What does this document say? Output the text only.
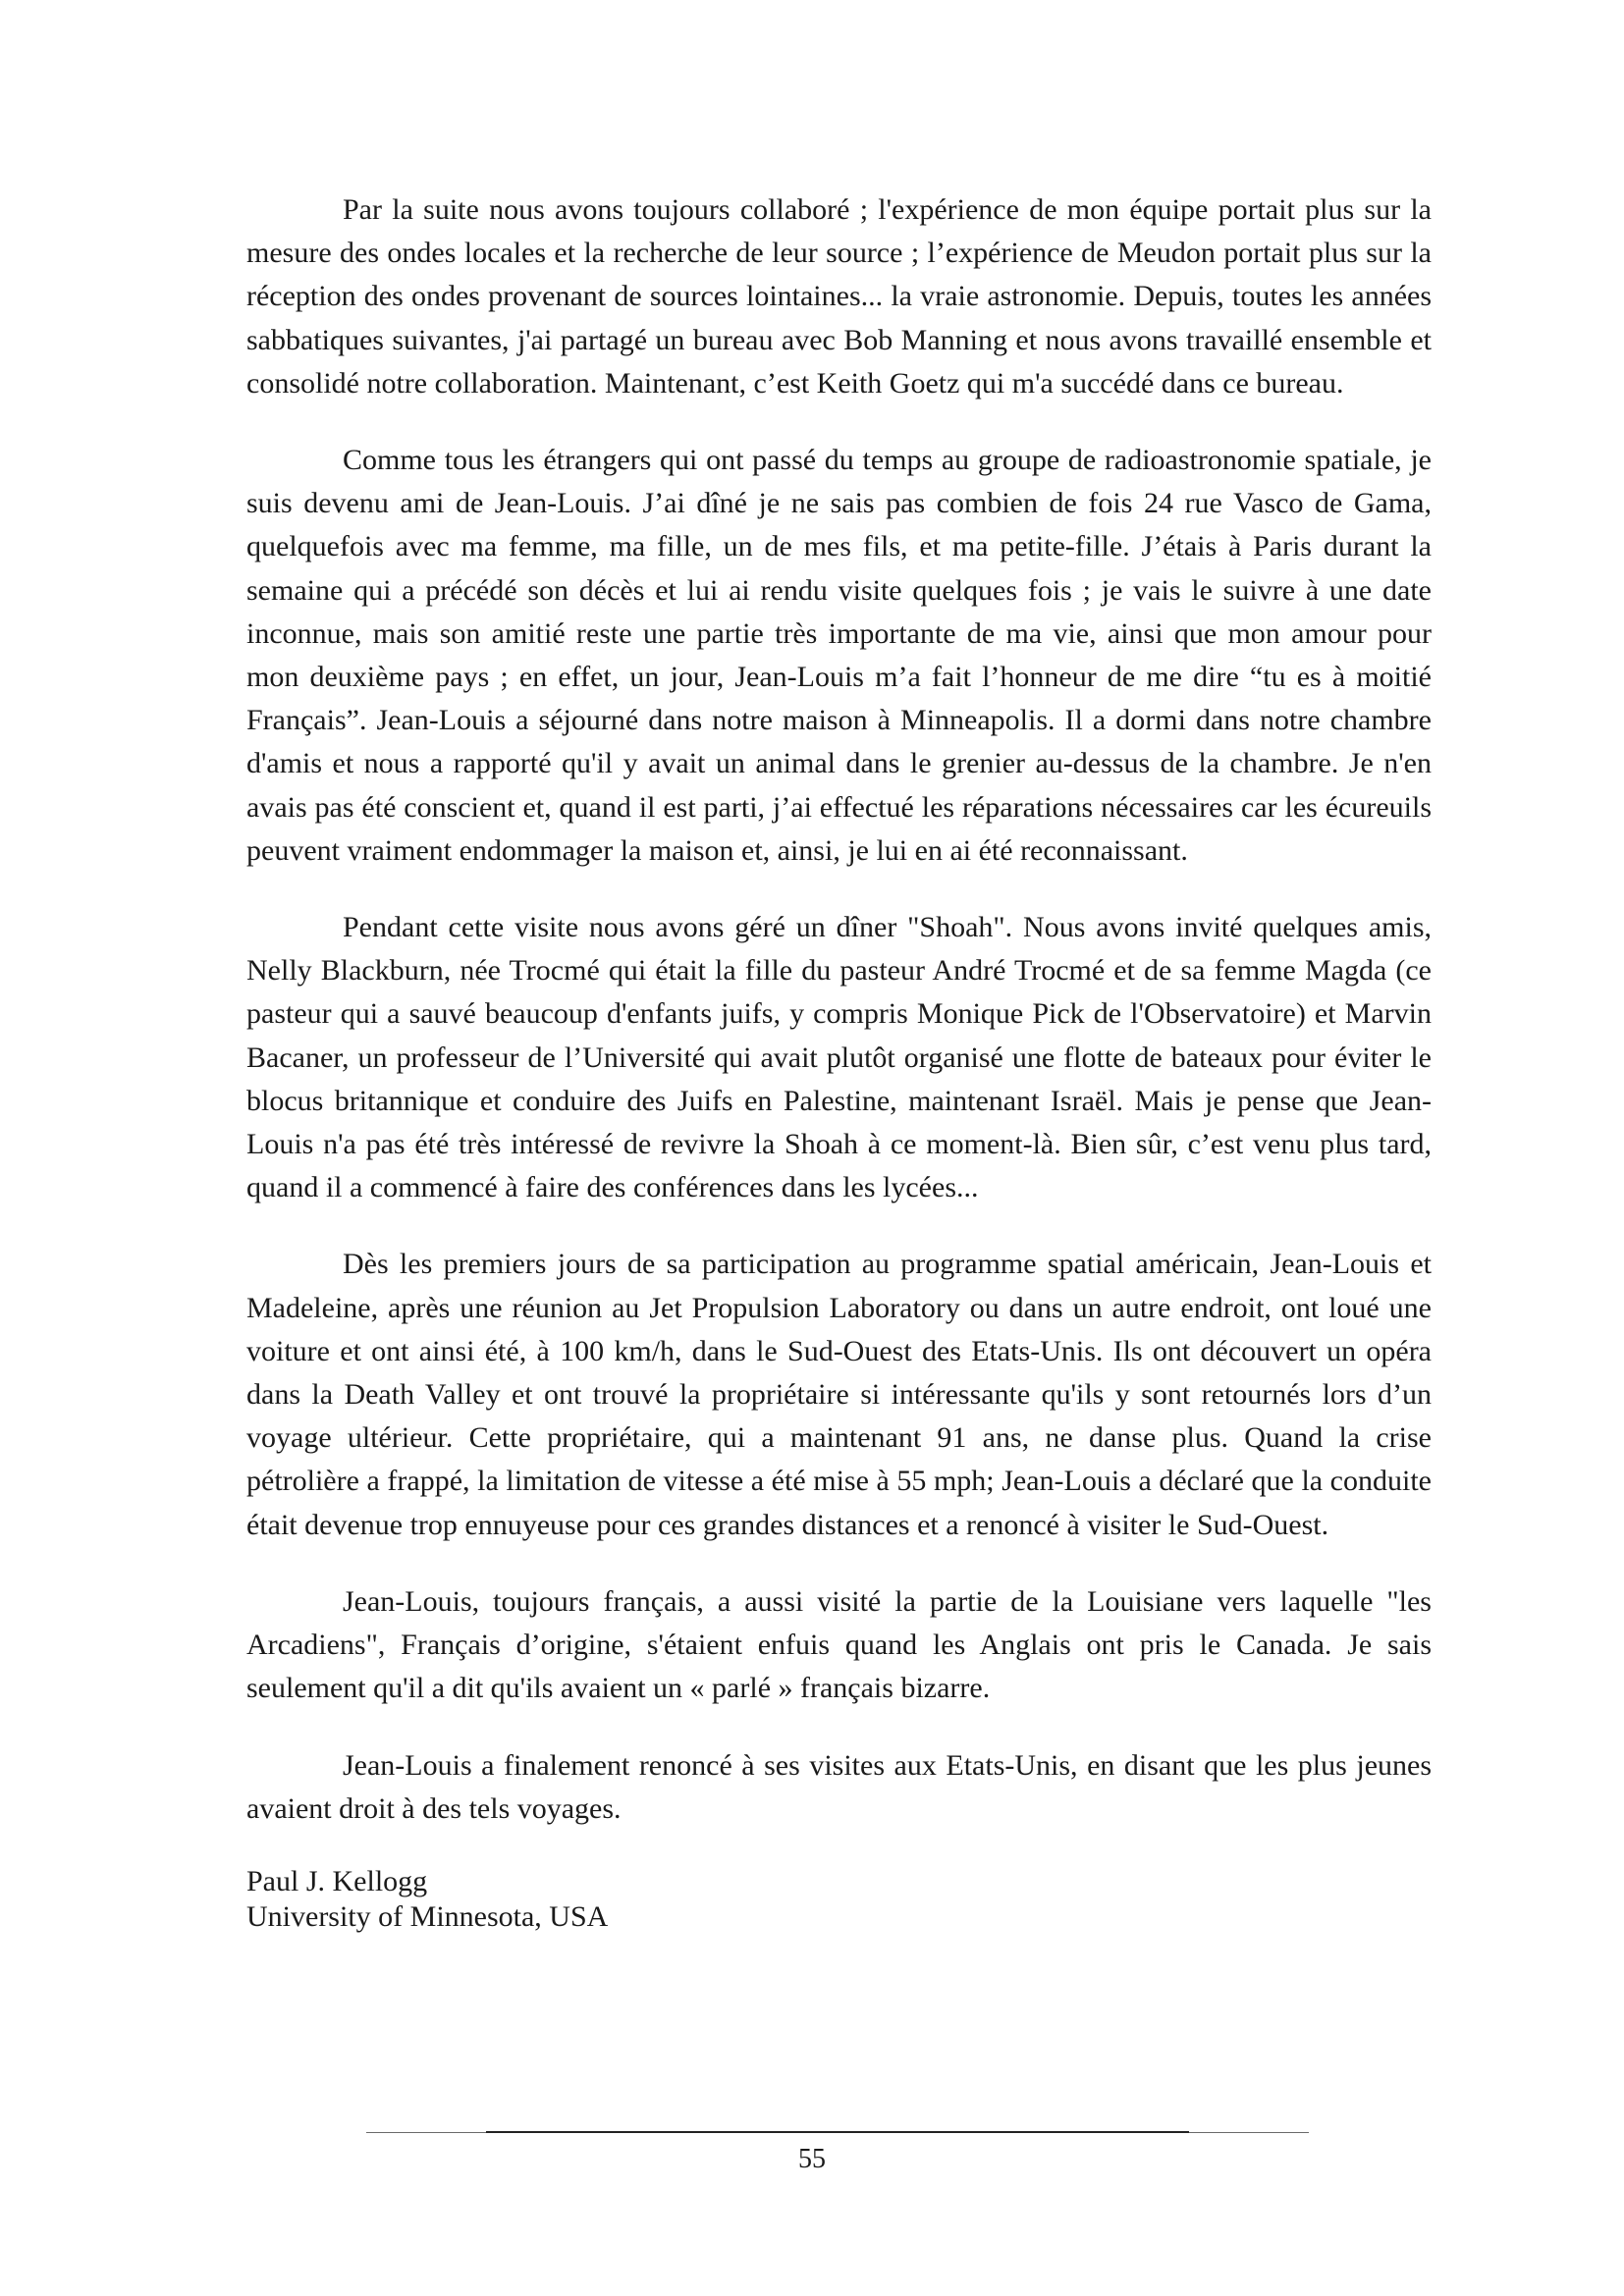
Par la suite nous avons toujours collaboré ; l'expérience de mon équipe portait plus sur la mesure des ondes locales et la recherche de leur source ; l’expérience de Meudon portait plus sur la réception des ondes provenant de sources lointaines... la vraie astronomie. Depuis, toutes les années sabbatiques suivantes, j'ai partagé un bureau avec Bob Manning et nous avons travaillé ensemble et consolidé notre collaboration. Maintenant, c’est Keith Goetz qui m'a succédé dans ce bureau.

Comme tous les étrangers qui ont passé du temps au groupe de radioastronomie spatiale, je suis devenu ami de Jean-Louis. J’ai dîné je ne sais pas combien de fois 24 rue Vasco de Gama, quelquefois avec ma femme, ma fille, un de mes fils, et ma petite-fille. J’étais à Paris durant la semaine qui a précédé son décès et lui ai rendu visite quelques fois ; je vais le suivre à une date inconnue, mais son amitié reste une partie très importante de ma vie, ainsi que mon amour pour mon deuxième pays ; en effet, un jour, Jean-Louis m’a fait l’honneur de me dire “tu es à moitié Français”. Jean-Louis a séjourné dans notre maison à Minneapolis. Il a dormi dans notre chambre d'amis et nous a rapporté qu'il y avait un animal dans le grenier au-dessus de la chambre. Je n'en avais pas été conscient et, quand il est parti, j’ai effectué les réparations nécessaires car les écureuils peuvent vraiment endommager la maison et, ainsi, je lui en ai été reconnaissant.

Pendant cette visite nous avons géré un dîner "Shoah". Nous avons invité quelques amis, Nelly Blackburn, née Trocmé qui était la fille du pasteur André Trocmé et de sa femme Magda (ce pasteur qui a sauvé beaucoup d'enfants juifs, y compris Monique Pick de l'Observatoire) et Marvin Bacaner, un professeur de l’Université qui avait plutôt organisé une flotte de bateaux pour éviter le blocus britannique et conduire des Juifs en Palestine, maintenant Israël. Mais je pense que Jean-Louis n'a pas été très intéressé de revivre la Shoah à ce moment-là. Bien sûr, c’est venu plus tard, quand il a commencé à faire des conférences dans les lycées...

Dès les premiers jours de sa participation au programme spatial américain, Jean-Louis et Madeleine, après une réunion au Jet Propulsion Laboratory ou dans un autre endroit, ont loué une voiture et ont ainsi été, à 100 km/h, dans le Sud-Ouest des Etats-Unis. Ils ont découvert un opéra dans la Death Valley et ont trouvé la propriétaire si intéressante qu'ils y sont retournés lors d’un voyage ultérieur. Cette propriétaire, qui a maintenant 91 ans, ne danse plus. Quand la crise pétrolière a frappé, la limitation de vitesse a été mise à 55 mph; Jean-Louis a déclaré que la conduite était devenue trop ennuyeuse pour ces grandes distances et a renoncé à visiter le Sud-Ouest.

Jean-Louis, toujours français, a aussi visité la partie de la Louisiane vers laquelle "les Arcadiens", Français d’origine, s'étaient enfuis quand les Anglais ont pris le Canada. Je sais seulement qu'il a dit qu'ils avaient un « parlé » français bizarre.

Jean-Louis a finalement renoncé à ses visites aux Etats-Unis, en disant que les plus jeunes avaient droit à des tels voyages.

Paul J. Kellogg
University of Minnesota, USA

55
